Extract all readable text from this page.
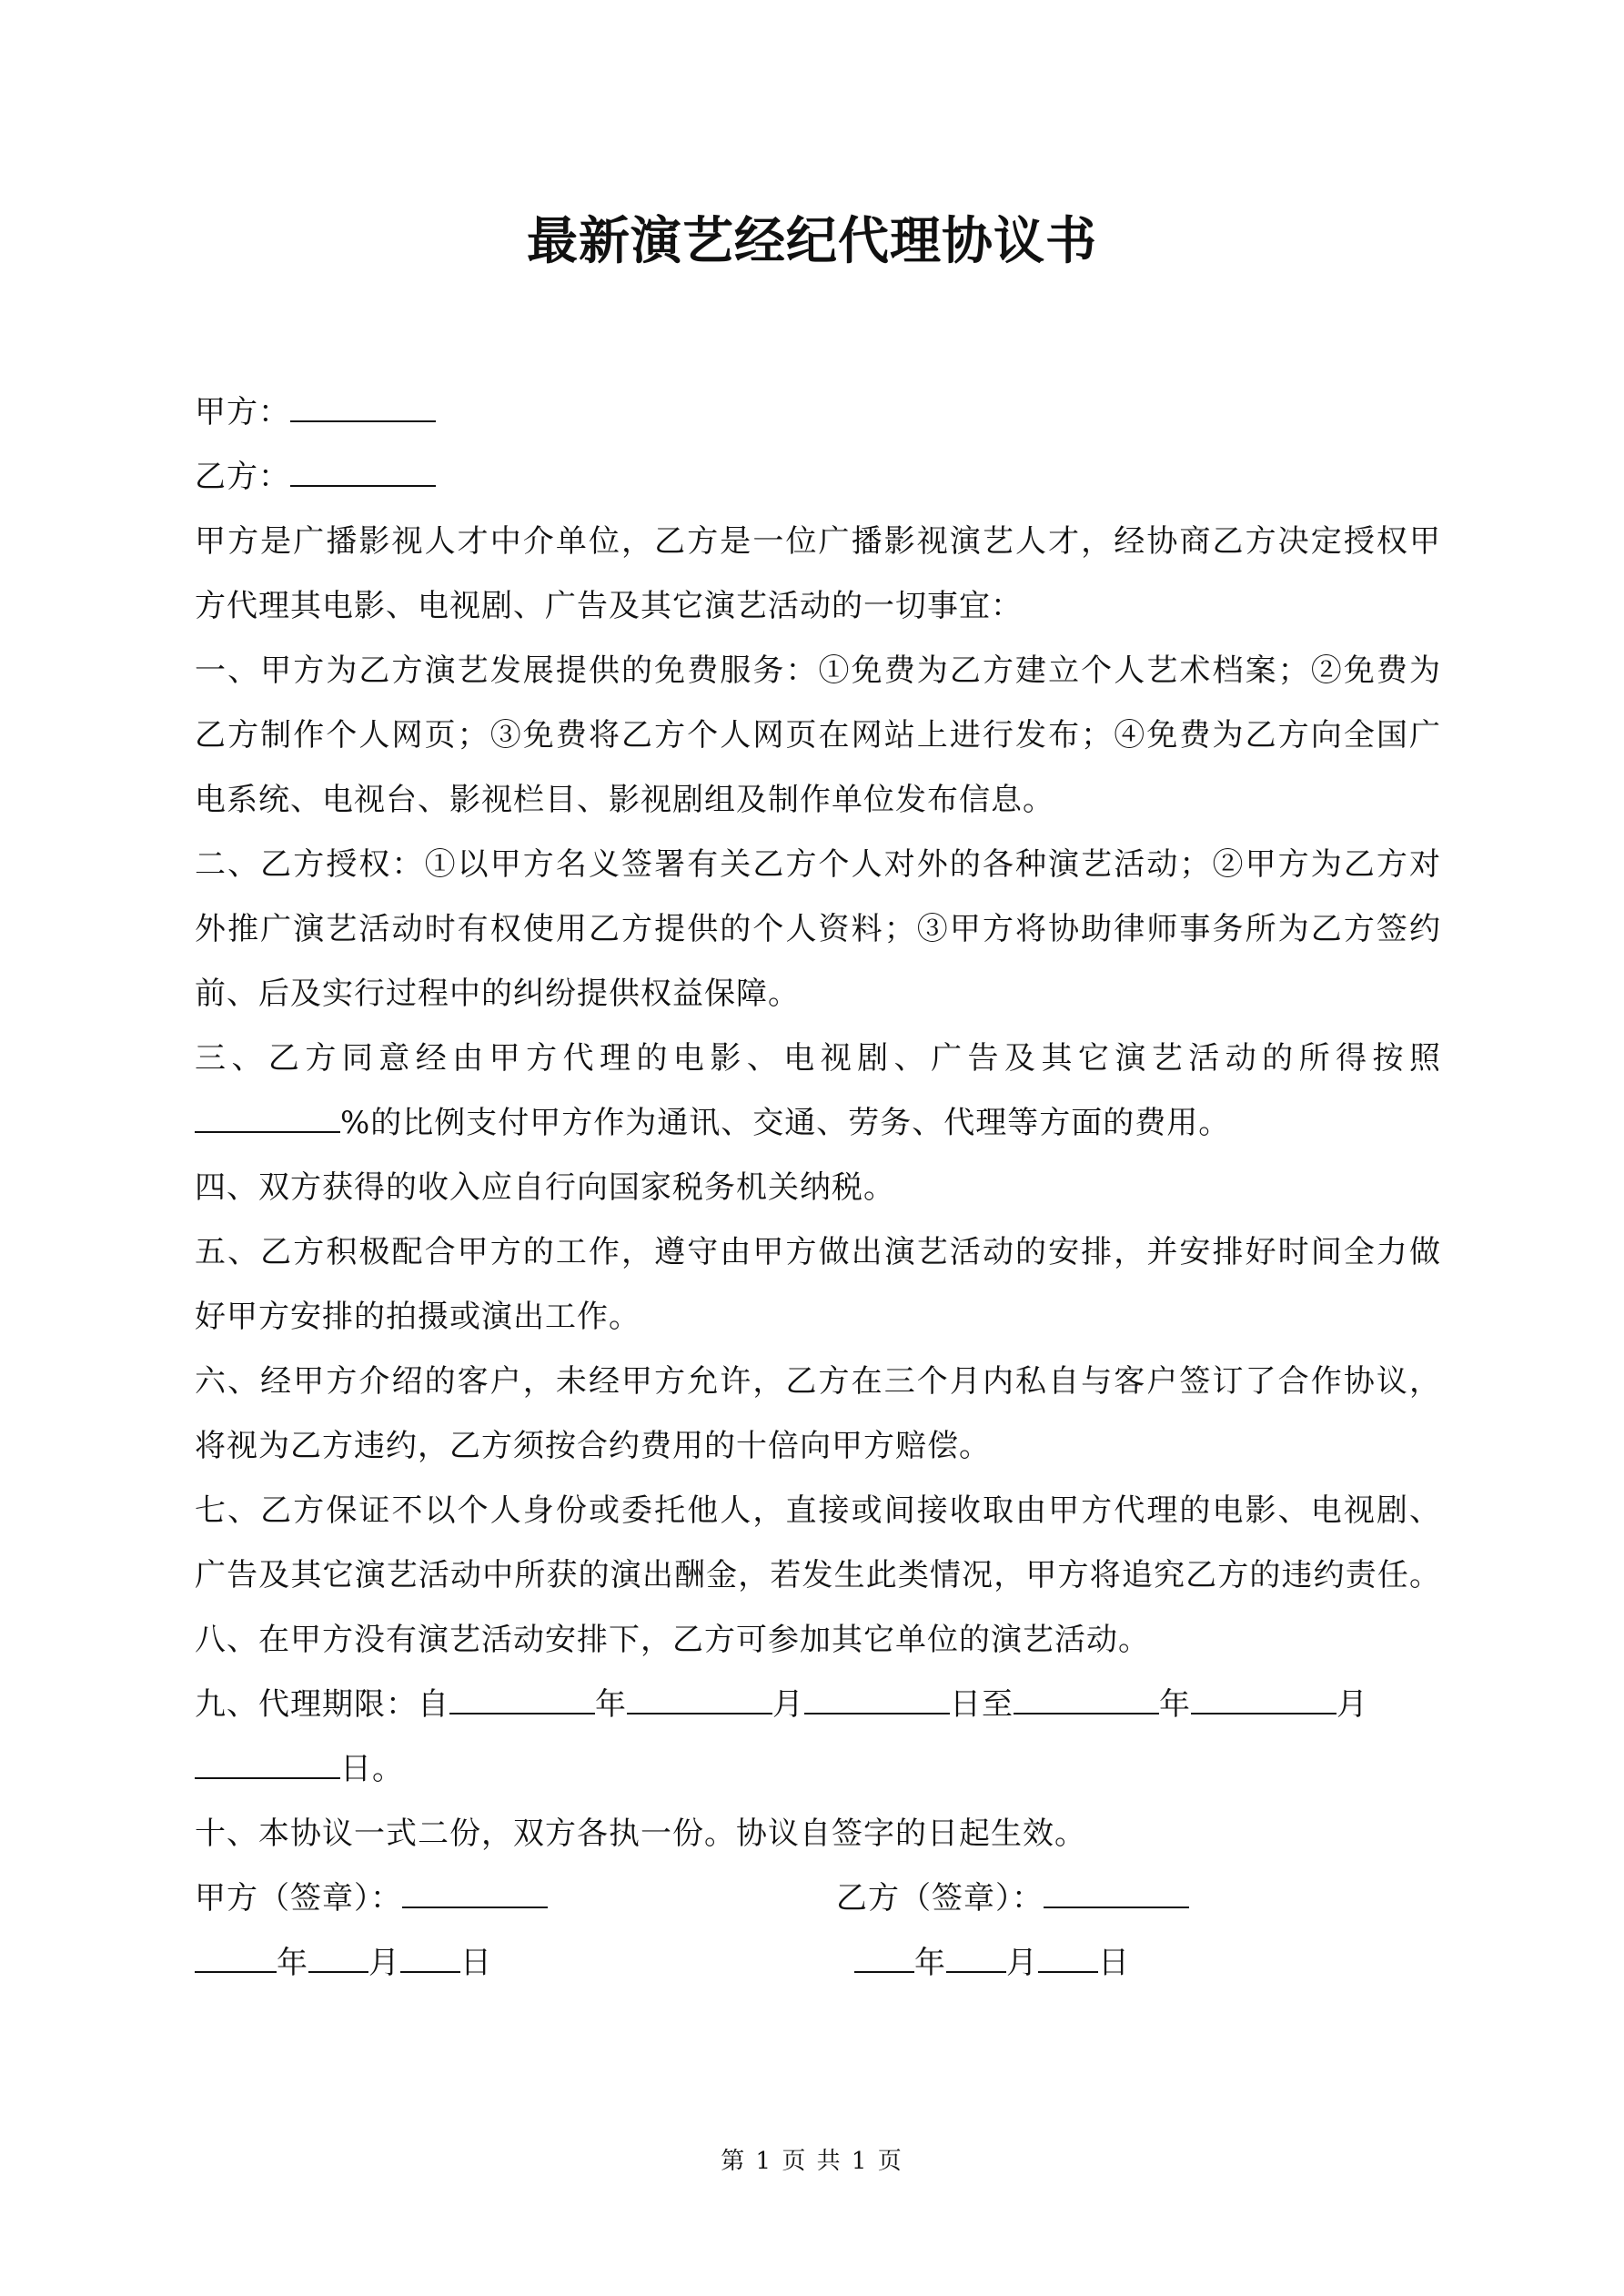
最新演艺经纪代理协议书
甲方：
乙方：
甲方是广播影视人才中介单位，乙方是一位广播影视演艺人才，经协商乙方决定授权甲
方代理其电影、电视剧、广告及其它演艺活动的一切事宜：
一、甲方为乙方演艺发展提供的免费服务：①免费为乙方建立个人艺术档案；②免费为
乙方制作个人网页；③免费将乙方个人网页在网站上进行发布；④免费为乙方向全国广
电系统、电视台、影视栏目、影视剧组及制作单位发布信息。
二、乙方授权：①以甲方名义签署有关乙方个人对外的各种演艺活动；②甲方为乙方对
外推广演艺活动时有权使用乙方提供的个人资料；③甲方将协助律师事务所为乙方签约
前、后及实行过程中的纠纷提供权益保障。
三、乙方同意经由甲方代理的电影、电视剧、广告及其它演艺活动的所得按照
%的比例支付甲方作为通讯、交通、劳务、代理等方面的费用。
四、双方获得的收入应自行向国家税务机关纳税。
五、乙方积极配合甲方的工作，遵守由甲方做出演艺活动的安排，并安排好时间全力做
好甲方安排的拍摄或演出工作。
六、经甲方介绍的客户，未经甲方允许，乙方在三个月内私自与客户签订了合作协议，
将视为乙方违约，乙方须按合约费用的十倍向甲方赔偿。
七、乙方保证不以个人身份或委托他人，直接或间接收取由甲方代理的电影、电视剧、
广告及其它演艺活动中所获的演出酬金，若发生此类情况，甲方将追究乙方的违约责任。
八、在甲方没有演艺活动安排下，乙方可参加其它单位的演艺活动。
九、代理期限：自	年	月	日至	年	月
日。
十、本协议一式二份，双方各执一份。协议自签字的日起生效。
甲方（签章）：	乙方（签章）：
年 月 日	年 月 日
第 1 页 共 1 页
